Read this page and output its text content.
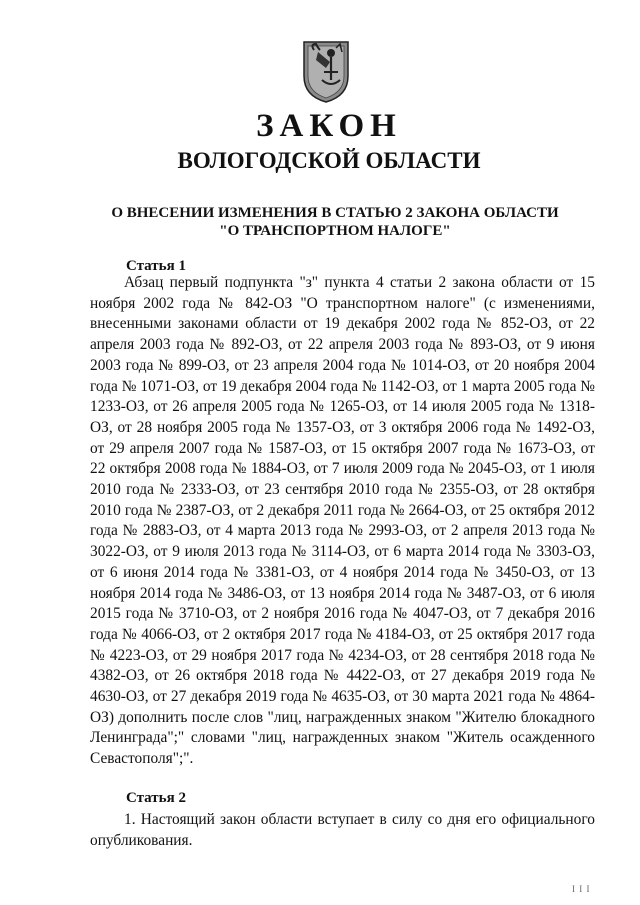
ЗАКОН
ВОЛОГОДСКОЙ ОБЛАСТИ
О ВНЕСЕНИИ ИЗМЕНЕНИЯ В СТАТЬЮ 2 ЗАКОНА ОБЛАСТИ
"О ТРАНСПОРТНОМ НАЛОГЕ"
Статья 1

Абзац первый подпункта "з" пункта 4 статьи 2 закона области от 15 ноября 2002 года № 842-ОЗ "О транспортном налоге" (с изменениями, внесенными законами области от 19 декабря 2002 года № 852-ОЗ, от 22 апреля 2003 года № 892-ОЗ, от 22 апреля 2003 года № 893-ОЗ, от 9 июня 2003 года № 899-ОЗ, от 23 апреля 2004 года № 1014-ОЗ, от 20 ноября 2004 года № 1071-ОЗ, от 19 декабря 2004 года № 1142-ОЗ, от 1 марта 2005 года № 1233-ОЗ, от 26 апреля 2005 года № 1265-ОЗ, от 14 июля 2005 года № 1318-ОЗ, от 28 ноября 2005 года № 1357-ОЗ, от 3 октября 2006 года № 1492-ОЗ, от 29 апреля 2007 года № 1587-ОЗ, от 15 октября 2007 года № 1673-ОЗ, от 22 октября 2008 года № 1884-ОЗ, от 7 июля 2009 года № 2045-ОЗ, от 1 июля 2010 года № 2333-ОЗ, от 23 сентября 2010 года № 2355-ОЗ, от 28 октября 2010 года № 2387-ОЗ, от 2 декабря 2011 года № 2664-ОЗ, от 25 октября 2012 года № 2883-ОЗ, от 4 марта 2013 года № 2993-ОЗ, от 2 апреля 2013 года № 3022-ОЗ, от 9 июля 2013 года № 3114-ОЗ, от 6 марта 2014 года № 3303-ОЗ, от 6 июня 2014 года № 3381-ОЗ, от 4 ноября 2014 года № 3450-ОЗ, от 13 ноября 2014 года № 3486-ОЗ, от 13 ноября 2014 года № 3487-ОЗ, от 6 июля 2015 года № 3710-ОЗ, от 2 ноября 2016 года № 4047-ОЗ, от 7 декабря 2016 года № 4066-ОЗ, от 2 октября 2017 года № 4184-ОЗ, от 25 октября 2017 года № 4223-ОЗ, от 29 ноября 2017 года № 4234-ОЗ, от 28 сентября 2018 года № 4382-ОЗ, от 26 октября 2018 года № 4422-ОЗ, от 27 декабря 2019 года № 4630-ОЗ, от 27 декабря 2019 года № 4635-ОЗ, от 30 марта 2021 года № 4864-ОЗ) дополнить после слов "лиц, награжденных знаком "Жителю блокадного Ленинграда";" словами "лиц, награжденных знаком "Житель осажденного Севастополя";".

Статья 2

1. Настоящий закон области вступает в силу со дня его официального опубликования.

I I I
